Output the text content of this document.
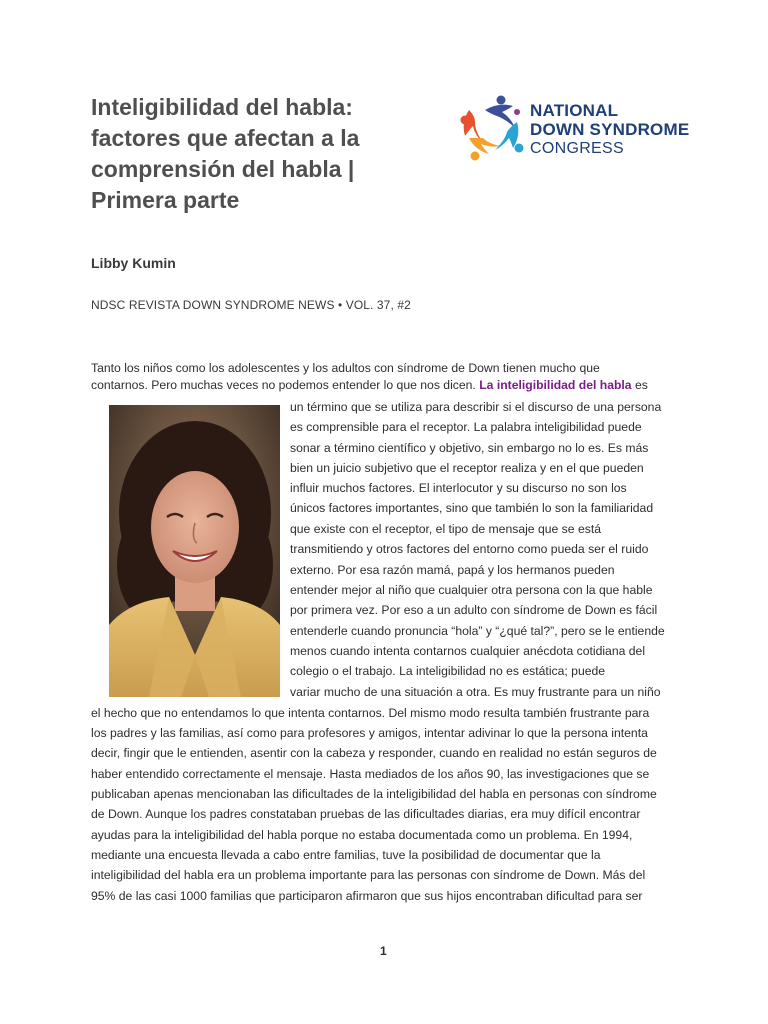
Inteligibilidad del habla:
factores que afectan a la
comprensión del habla |
Primera parte
NATIONAL
DOWN SYNDROME
CONGRESS
Libby Kumin
NDSC REVISTA DOWN SYNDROME NEWS • VOL. 37, #2
Tanto los niños como los adolescentes y los adultos con síndrome de Down tienen mucho que
contarnos. Pero muchas veces no podemos entender lo que nos dicen. La inteligibilidad del habla es
un término que se utiliza para describir si el discurso de una persona
es comprensible para el receptor. La palabra inteligibilidad puede
sonar a término científico y objetivo, sin embargo no lo es. Es más
bien un juicio subjetivo que el receptor realiza y en el que pueden
influir muchos factores. El interlocutor y su discurso no son los
únicos factores importantes, sino que también lo son la familiaridad
que existe con el receptor, el tipo de mensaje que se está
transmitiendo y otros factores del entorno como pueda ser el ruido
externo. Por esa razón mamá, papá y los hermanos pueden
entender mejor al niño que cualquier otra persona con la que hable
por primera vez. Por eso a un adulto con síndrome de Down es fácil
entenderle cuando pronuncia “hola” y “¿qué tal?”, pero se le entiende
menos cuando intenta contarnos cualquier anécdota cotidiana del
colegio o el trabajo. La inteligibilidad no es estática; puede
variar mucho de una situación a otra. Es muy frustrante para un niño
el hecho que no entendamos lo que intenta contarnos. Del mismo modo resulta también frustrante para
los padres y las familias, así como para profesores y amigos, intentar adivinar lo que la persona intenta
decir, fingir que le entienden, asentir con la cabeza y responder, cuando en realidad no están seguros de
haber entendido correctamente el mensaje. Hasta mediados de los años 90, las investigaciones que se
publicaban apenas mencionaban las dificultades de la inteligibilidad del habla en personas con síndrome
de Down. Aunque los padres constataban pruebas de las dificultades diarias, era muy difícil encontrar
ayudas para la inteligibilidad del habla porque no estaba documentada como un problema. En 1994,
mediante una encuesta llevada a cabo entre familias, tuve la posibilidad de documentar que la
inteligibilidad del habla era un problema importante para las personas con síndrome de Down. Más del
95% de las casi 1000 familias que participaron afirmaron que sus hijos encontraban dificultad para ser
1
